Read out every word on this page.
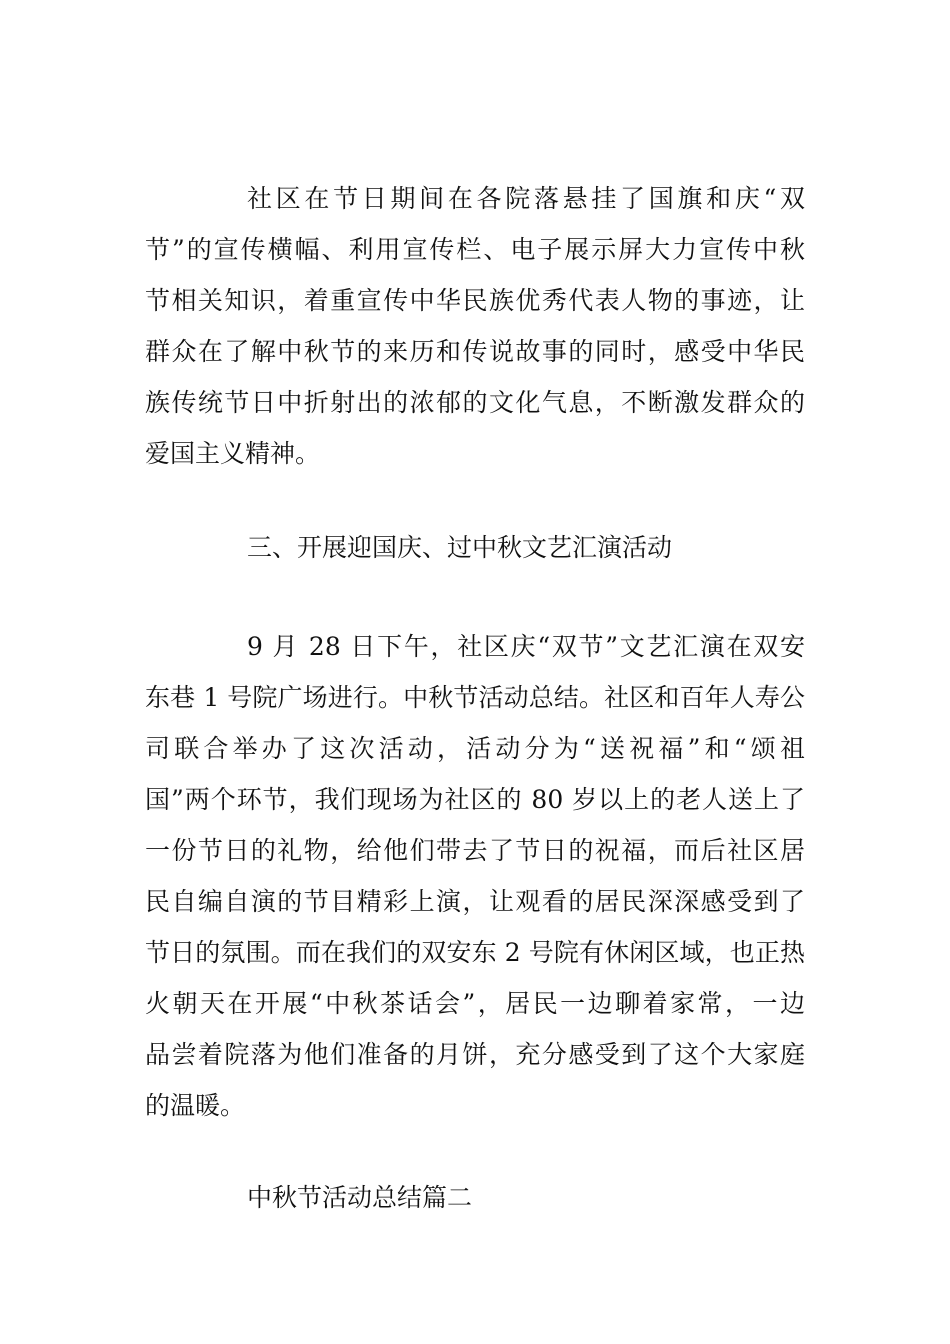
社区在节日期间在各院落悬挂了国旗和庆“双
节”的宣传横幅、利用宣传栏、电子展示屏大力宣传中秋
节相关知识，着重宣传中华民族优秀代表人物的事迹，让
群众在了解中秋节的来历和传说故事的同时，感受中华民
族传统节日中折射出的浓郁的文化气息，不断激发群众的
爱国主义精神。
三、开展迎国庆、过中秋文艺汇演活动
9 月 28 日下午，社区庆“双节”文艺汇演在双安
东巷 1 号院广场进行。中秋节活动总结。社区和百年人寿公
司联合举办了这次活动，活动分为“送祝福”和“颂祖
国”两个环节，我们现场为社区的 80 岁以上的老人送上了
一份节日的礼物，给他们带去了节日的祝福，而后社区居
民自编自演的节目精彩上演，让观看的居民深深感受到了
节日的氛围。而在我们的双安东 2 号院有休闲区域，也正热
火朝天在开展“中秋茶话会”，居民一边聊着家常，一边
品尝着院落为他们准备的月饼，充分感受到了这个大家庭
的温暖。
中秋节活动总结篇二
